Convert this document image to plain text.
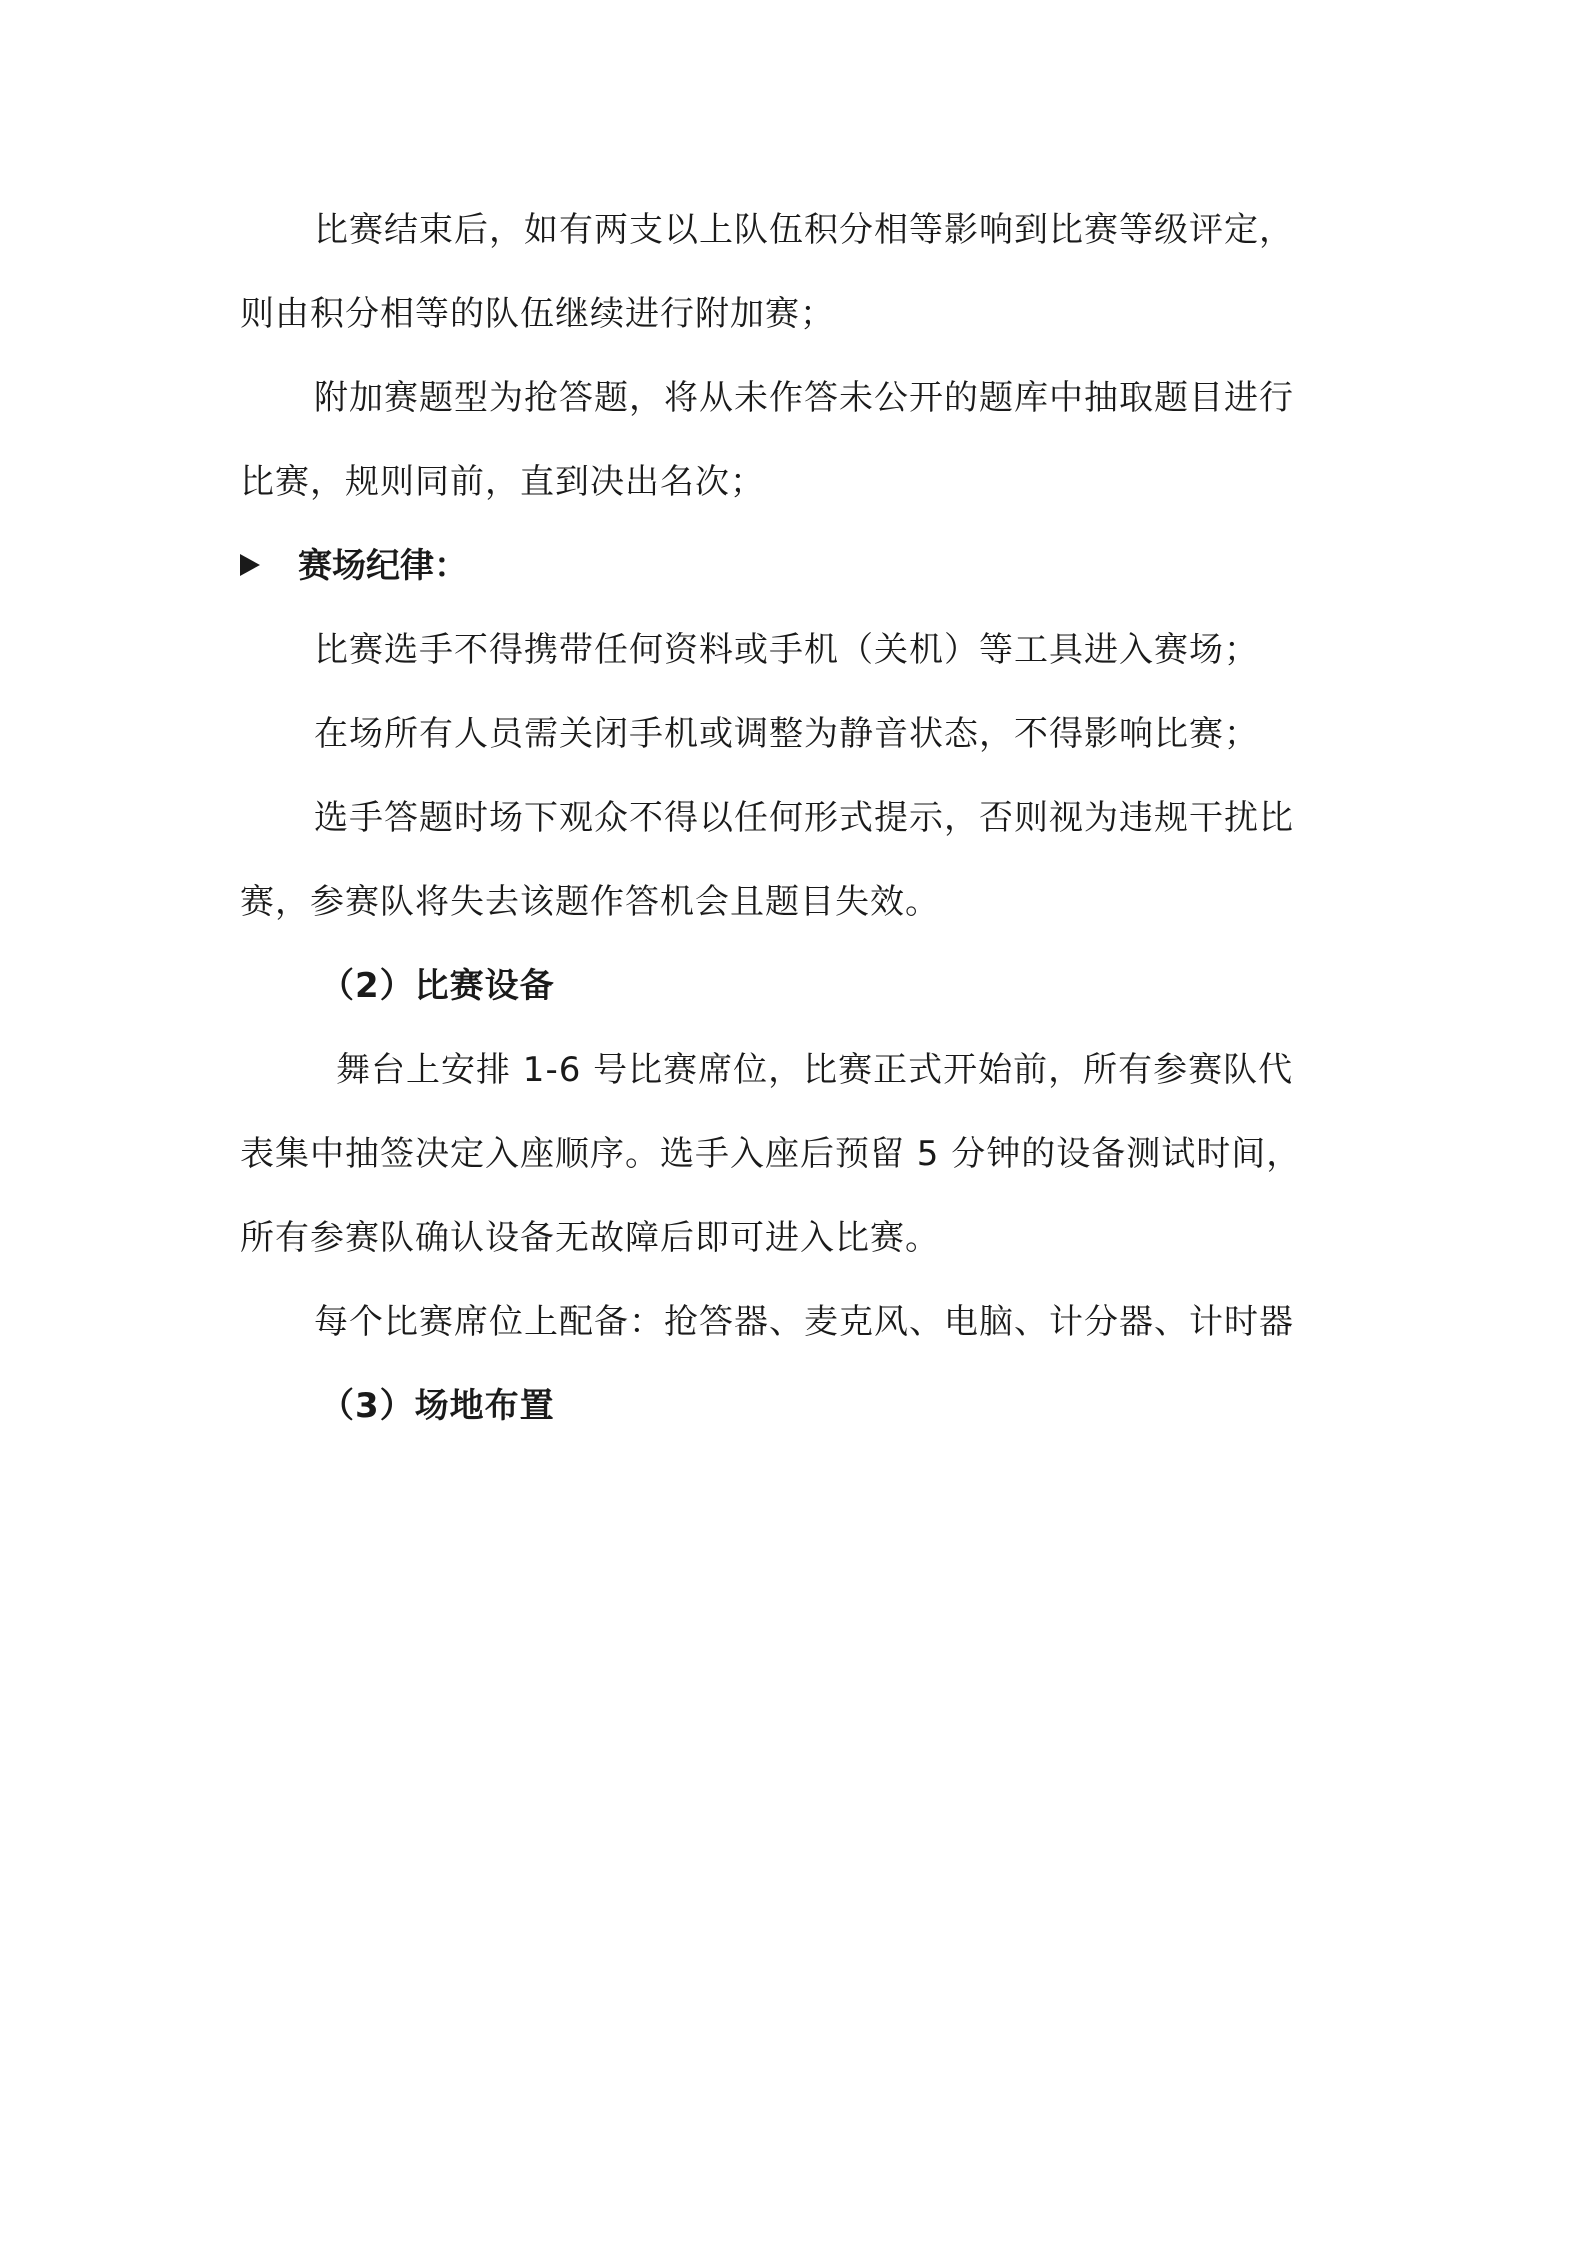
比赛结束后，如有两支以上队伍积分相等影响到比赛等级评定，
则由积分相等的队伍继续进行附加赛；
附加赛题型为抢答题，将从未作答未公开的题库中抽取题目进行
比赛，规则同前，直到决出名次；
赛场纪律：
比赛选手不得携带任何资料或手机（关机）等工具进入赛场；
在场所有人员需关闭手机或调整为静音状态，不得影响比赛；
选手答题时场下观众不得以任何形式提示，否则视为违规干扰比
赛，参赛队将失去该题作答机会且题目失效。
（2）比赛设备
舞台上安排 1-6 号比赛席位，比赛正式开始前，所有参赛队代
表集中抽签决定入座顺序。选手入座后预留 5 分钟的设备测试时间，
所有参赛队确认设备无故障后即可进入比赛。
每个比赛席位上配备：抢答器、麦克风、电脑、计分器、计时器
（3）场地布置
